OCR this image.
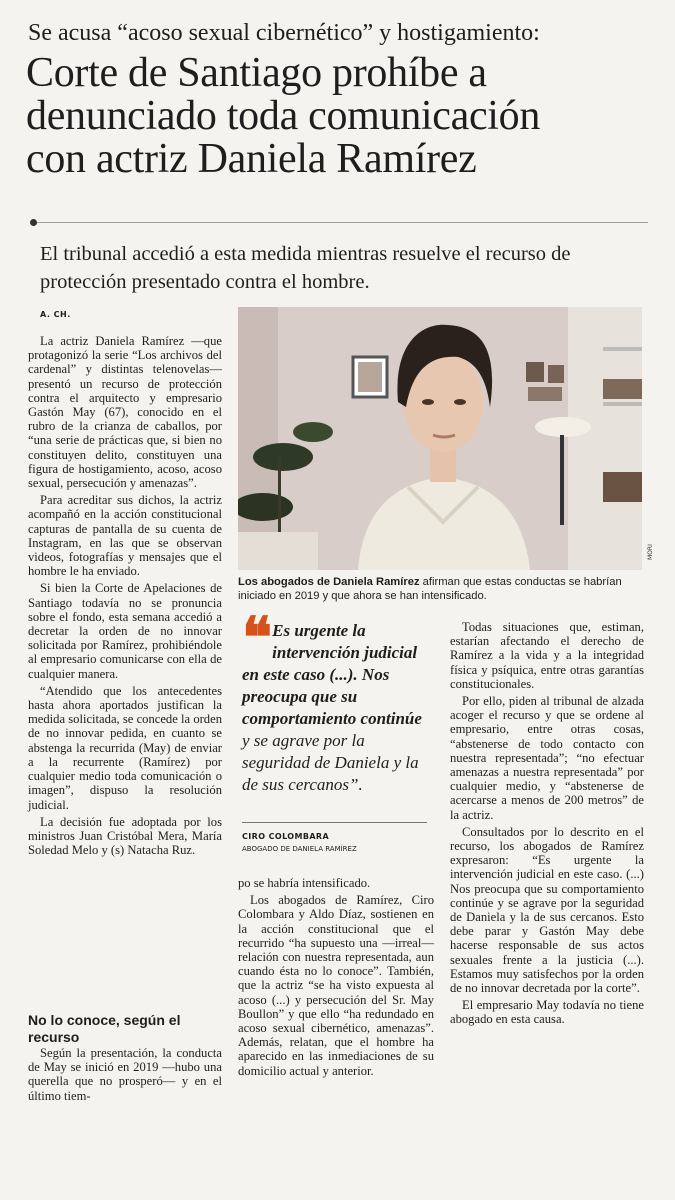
Se acusa “acoso sexual cibernético” y hostigamiento:
Corte de Santiago prohíbe a
denunciado toda comunicación
con actriz Daniela Ramírez
El tribunal accedió a esta medida mientras resuelve el recurso de protección presentado contra el hombre.
A. CH.

La actriz Daniela Ramírez —que protagonizó la serie “Los archivos del cardenal” y distintas telenovelas— presentó un recurso de protección contra el arquitecto y empresario Gastón May (67), conocido en el rubro de la crianza de caballos, por “una serie de prácticas que, si bien no constituyen delito, constituyen una figura de hostigamiento, acoso, acoso sexual, persecución y amenazas”.

Para acreditar sus dichos, la actriz acompañó en la acción constitucional capturas de pantalla de su cuenta de Instagram, en las que se observan videos, fotografías y mensajes que el hombre le ha enviado.

Si bien la Corte de Apelaciones de Santiago todavía no se pronuncia sobre el fondo, esta semana accedió a decretar la orden de no innovar solicitada por Ramírez, prohibiéndole al empresario comunicarse con ella de cualquier manera.

“Atendido que los antecedentes hasta ahora aportados justifican la medida solicitada, se concede la orden de no innovar pedida, en cuanto se abstenga la recurrida (May) de enviar a la recurrente (Ramírez) por cualquier medio toda comunicación o imagen”, dispuso la resolución judicial.

La decisión fue adoptada por los ministros Juan Cristóbal Mera, María Soledad Melo y (s) Natacha Ruz.

No lo conoce, según el recurso

Según la presentación, la conducta de May se inició en 2019 —hubo una querella que no prosperó— y en el último tiem-

MORI
Los abogados de Daniela Ramírez afirman que estas conductas se habrían iniciado en 2019 y que ahora se han intensificado.
❝ Es urgente la intervención judicial en este caso (...). Nos preocupa que su comportamiento continúe y se agrave por la seguridad de Daniela y la de sus cercanos”.
CIRO COLOMBARA
ABOGADO DE DANIELA RAMÍREZ

po se habría intensificado.

Los abogados de Ramírez, Ciro Colombara y Aldo Díaz, sostienen en la acción constitucional que el recurrido “ha supuesto una —irreal— relación con nuestra representada, aun cuando ésta no lo conoce”. También, que la actriz “se ha visto expuesta al acoso (...) y persecución del Sr. May Boullon” y que ello “ha redundado en acoso sexual cibernético, amenazas”. Además, relatan, que el hombre ha aparecido en las inmediaciones de su domicilio actual y anterior.

Todas situaciones que, estiman, estarían afectando el derecho de Ramírez a la vida y a la integridad física y psíquica, entre otras garantías constitucionales.

Por ello, piden al tribunal de alzada acoger el recurso y que se ordene al empresario, entre otras cosas, “abstenerse de todo contacto con nuestra representada”; “no efectuar amenazas a nuestra representada” por cualquier medio, y “abstenerse de acercarse a menos de 200 metros” de la actriz.

Consultados por lo descrito en el recurso, los abogados de Ramírez expresaron: “Es urgente la intervención judicial en este caso. (...) Nos preocupa que su comportamiento continúe y se agrave por la seguridad de Daniela y la de sus cercanos. Esto debe parar y Gastón May debe hacerse responsable de sus actos sexuales frente a la justicia (...). Estamos muy satisfechos por la orden de no innovar decretada por la corte”.

El empresario May todavía no tiene abogado en esta causa.
